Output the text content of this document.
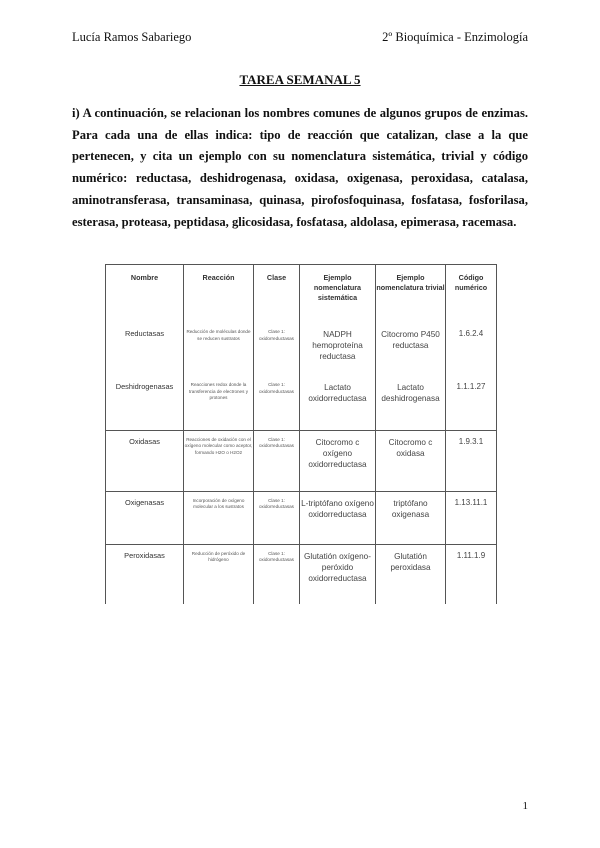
Lucía Ramos Sabariego	2º Bioquímica - Enzimología
TAREA SEMANAL 5
i) A continuación, se relacionan los nombres comunes de algunos grupos de enzimas. Para cada una de ellas indica: tipo de reacción que catalizan, clase a la que pertenecen, y cita un ejemplo con su nomenclatura sistemática, trivial y código numérico: reductasa, deshidrogenasa, oxidasa, oxigenasa, peroxidasa, catalasa, aminotransferasa, transaminasa, quinasa, pirofosfoquinasa, fosfatasa, fosforilasa, esterasa, proteasa, peptidasa, glicosidasa, fosfatasa, aldolasa, epimerasa, racemasa.
Nombre	Reacción	Clase	Ejemplo nomenclatura sistemática	Ejemplo nomenclatura trivial	Código numérico
Reductasas	Reducción de moléculas donde se reducen sustratos	Clase 1: oxidorreductasas	NADPH hemoproteína reductasa	Citocromo P450 reductasa	1.6.2.4
Deshidrogenasas	Reacciones redox donde la transferencia de electrones y protones	Clase 1: oxidorreductasas	Lactato oxidorreductasa	Lactato deshidrogenasa	1.1.1.27
Oxidasas	Reacciones de oxidación con el oxígeno molecular como aceptor, formando H2O o H2O2	Clase 1: oxidorreductasas	Citocromo c oxígeno oxidorreductasa	Citocromo c oxidasa	1.9.3.1
Oxigenasas	Incorporación de oxígeno molecular a los sustratos	Clase 1: oxidorreductasas	L-triptófano oxígeno oxidorreductasa	triptófano oxigenasa	1.13.11.1
Peroxidasas	Reducción de peróxido de hidrógeno	Clase 1: oxidorreductasas	Glutatión oxígeno-peróxido oxidorreductasa	Glutatión peroxidasa	1.11.1.9
1
